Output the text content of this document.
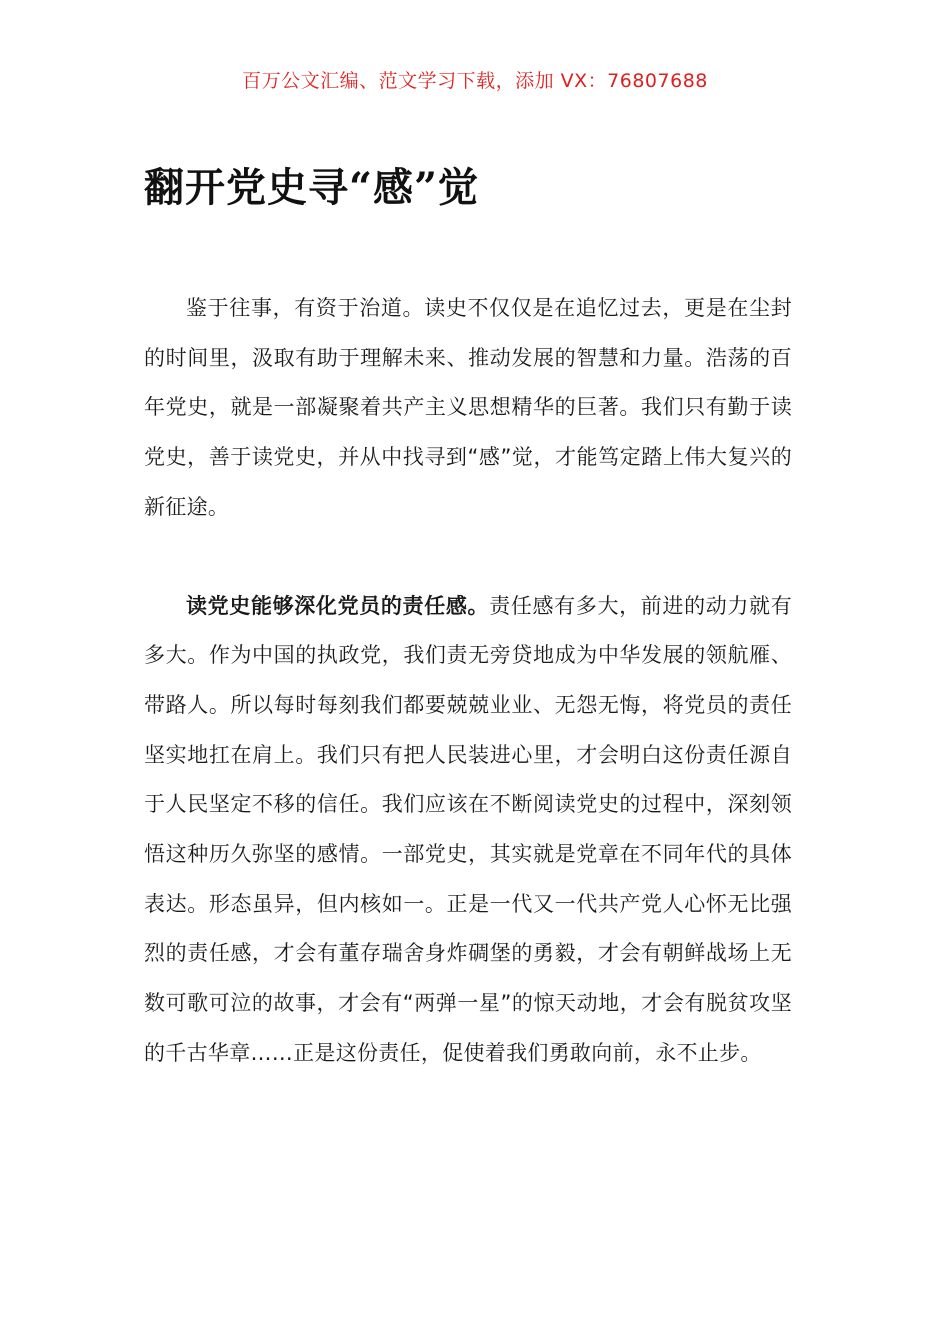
百万公文汇编、范文学习下载，添加 VX：76807688
翻开党史寻“感”觉

鉴于往事，有资于治道。读史不仅仅是在追忆过去，更是在尘封的时间里，汲取有助于理解未来、推动发展的智慧和力量。浩荡的百年党史，就是一部凝聚着共产主义思想精华的巨著。我们只有勤于读党史，善于读党史，并从中找寻到“感”觉，才能笃定踏上伟大复兴的新征途。

读党史能够深化党员的责任感。责任感有多大，前进的动力就有多大。作为中国的执政党，我们责无旁贷地成为中华发展的领航雁、带路人。所以每时每刻我们都要兢兢业业、无怨无悔，将党员的责任坚实地扛在肩上。我们只有把人民装进心里，才会明白这份责任源自于人民坚定不移的信任。我们应该在不断阅读党史的过程中，深刻领悟这种历久弥坚的感情。一部党史，其实就是党章在不同年代的具体表达。形态虽异，但内核如一。正是一代又一代共产党人心怀无比强烈的责任感，才会有董存瑞舍身炸碉堡的勇毅，才会有朝鲜战场上无数可歌可泣的故事，才会有“两弹一星”的惊天动地，才会有脱贫攻坚的千古华章……正是这份责任，促使着我们勇敢向前，永不止步。
